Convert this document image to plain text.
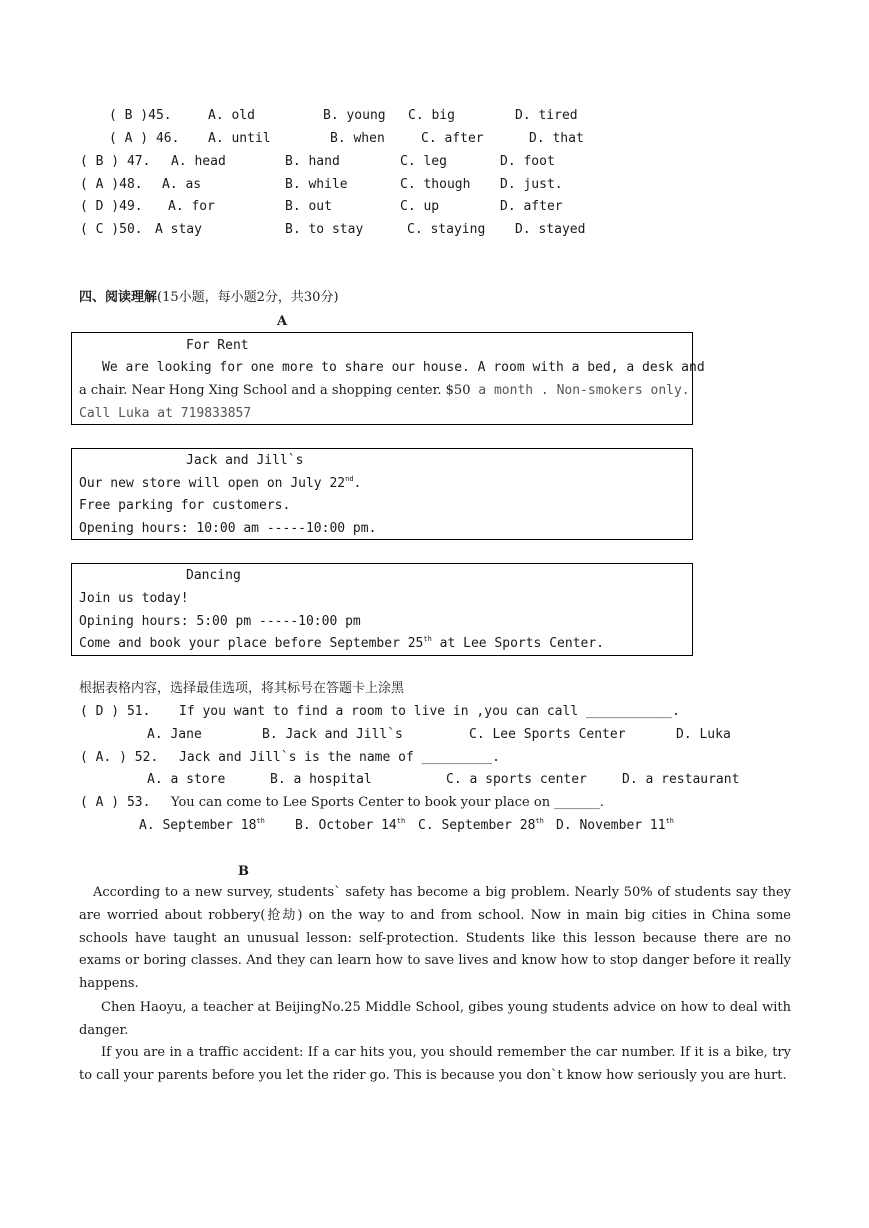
( B )45.	A. old	B. young C. big	D. tired
( A ) 46. A. until	B. when	C. after	D. that
( B ) 47. A. head	B. hand	C. leg	D. foot
( A )48. A. as	B. while	C. though D. just.
( D )49. A. for	B. out	C. up	D. after
( C )50. A stay	B. to stay	C. staying D. stayed
四、阅读理解(15小题，每小题2分，共30分)
A
For Rent
We are looking for one more to share our house. A room with a bed, a desk and
a chair. Near Hong Xing School and a shopping center. $50 a month . Non-smokers only.
Call Luka at 719833857
Jack and Jill`s
Our new store will open on July 22nd.
Free parking for customers.
Opening hours: 10:00 am -----10:00 pm.
Dancing
Join us today!
Opining hours: 5:00 pm -----10:00 pm
Come and book your place before September 25th at Lee Sports Center.
根据表格内容，选择最佳选项，将其标号在答题卡上涂黑
( D ) 51. If you want to find a room to live in ,you can call ___________.
A. Jane	B. Jack and Jill`s	C. Lee Sports Center	D. Luka
( A. ) 52. Jack and Jill`s is the name of _________.
A. a store	B. a hospital	C. a sports center	D. a restaurant
( A ) 53. You can come to Lee Sports Center to book your place on _______.
A. September 18th B. October 14th C. September 28th D. November 11th
B
According to a new survey, students` safety has become a big problem. Nearly 50% of students say they are worried about robbery(抢劫) on the way to and from school. Now in main big cities in China some schools have taught an unusual lesson: self-protection. Students like this lesson because there are no exams or boring classes. And they can learn how to save lives and know how to stop danger before it really happens.
Chen Haoyu, a teacher at BeijingNo.25 Middle School, gibes young students advice on how to deal with danger.
If you are in a traffic accident: If a car hits you, you should remember the car number. If it is a bike, try to call your parents before you let the rider go. This is because you don`t know how seriously you are hurt.
